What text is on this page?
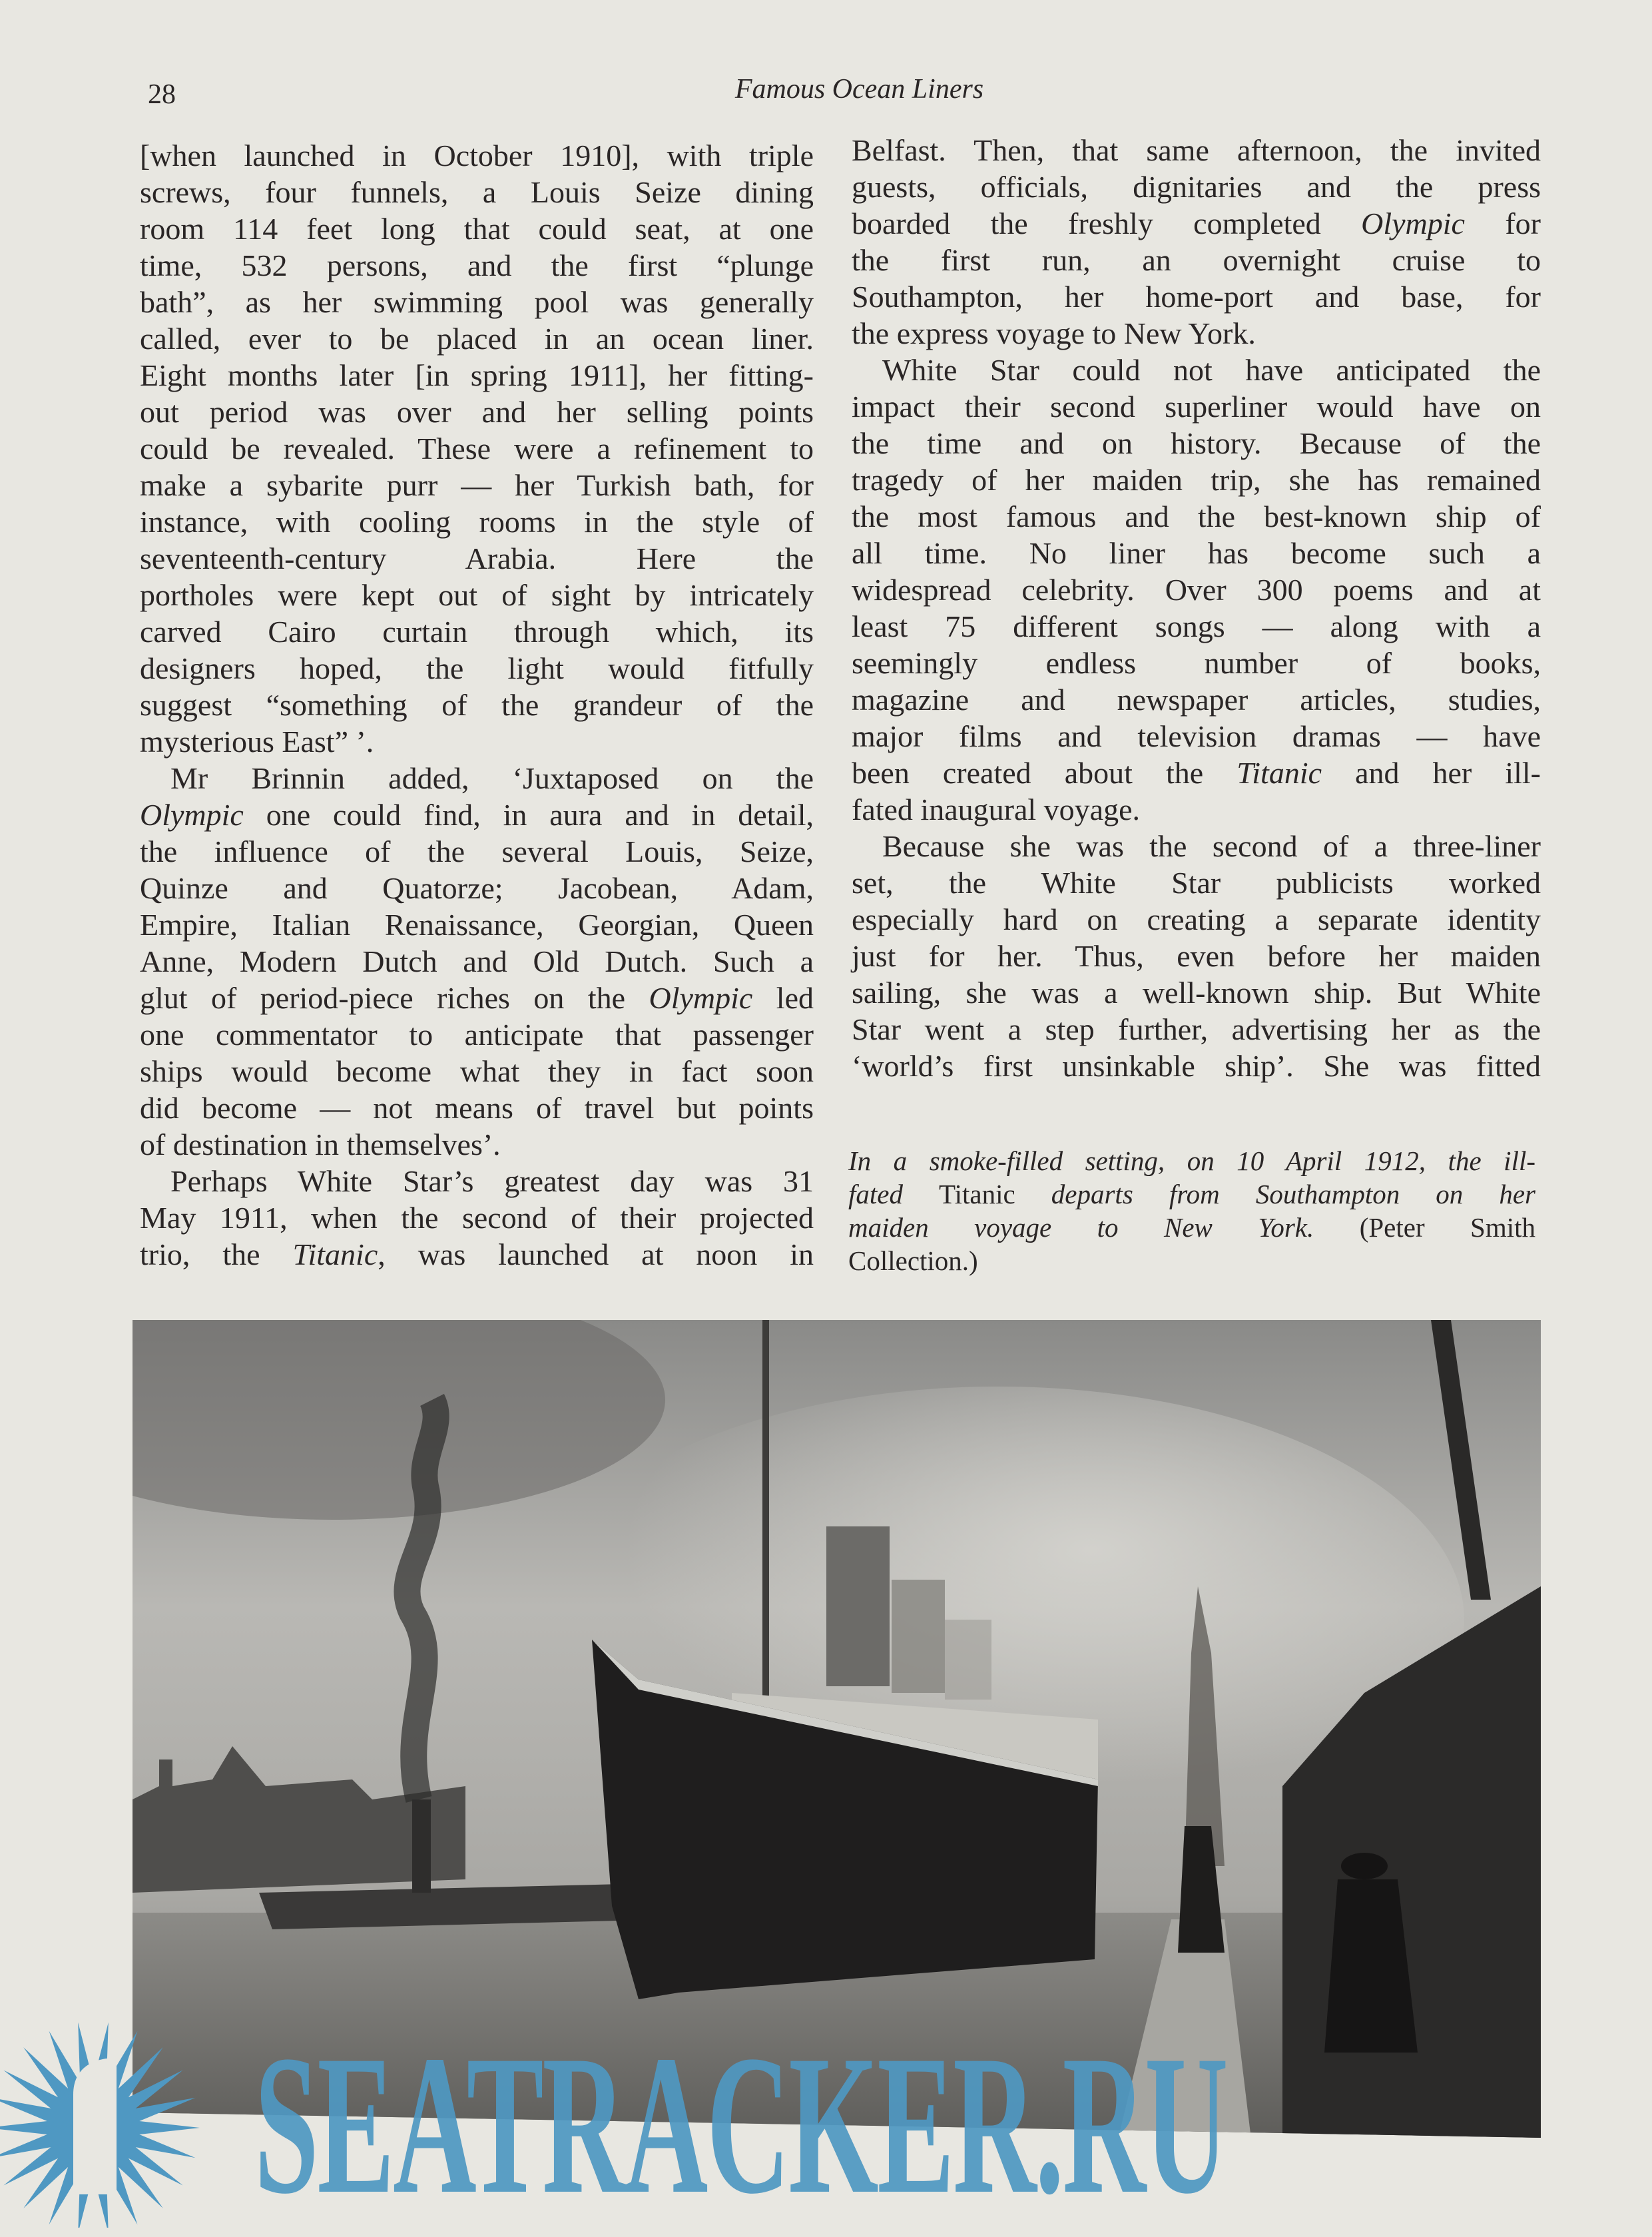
28	Famous Ocean Liners
[when launched in October 1910], with triple
screws, four funnels, a Louis Seize dining
room 114 feet long that could seat, at one
time, 532 persons, and the first “plunge
bath”, as her swimming pool was generally
called, ever to be placed in an ocean liner.
Eight months later [in spring 1911], her fitting-
out period was over and her selling points
could be revealed. These were a refinement to
make a sybarite purr — her Turkish bath, for
instance, with cooling rooms in the style of
seventeenth-century Arabia. Here the
portholes were kept out of sight by intricately
carved Cairo curtain through which, its
designers hoped, the light would fitfully
suggest “something of the grandeur of the
mysterious East” ’.
Mr Brinnin added, ‘Juxtaposed on the
Olympic one could find, in aura and in detail,
the influence of the several Louis, Seize,
Quinze and Quatorze; Jacobean, Adam,
Empire, Italian Renaissance, Georgian, Queen
Anne, Modern Dutch and Old Dutch. Such a
glut of period-piece riches on the Olympic led
one commentator to anticipate that passenger
ships would become what they in fact soon
did become — not means of travel but points
of destination in themselves’.
Perhaps White Star’s greatest day was 31
May 1911, when the second of their projected
trio, the Titanic, was launched at noon in
Belfast. Then, that same afternoon, the invited
guests, officials, dignitaries and the press
boarded the freshly completed Olympic for
the first run, an overnight cruise to
Southampton, her home-port and base, for
the express voyage to New York.
White Star could not have anticipated the
impact their second superliner would have on
the time and on history. Because of the
tragedy of her maiden trip, she has remained
the most famous and the best-known ship of
all time. No liner has become such a
widespread celebrity. Over 300 poems and at
least 75 different songs — along with a
seemingly endless number of books,
magazine and newspaper articles, studies,
major films and television dramas — have
been created about the Titanic and her ill-
fated inaugural voyage.
Because she was the second of a three-liner
set, the White Star publicists worked
especially hard on creating a separate identity
just for her. Thus, even before her maiden
sailing, she was a well-known ship. But White
Star went a step further, advertising her as the
‘world’s first unsinkable ship’. She was fitted
In a smoke-filled setting, on 10 April 1912, the ill-
fated Titanic departs from Southampton on her
maiden voyage to New York. (Peter Smith
Collection.)
SEATRACKER.RU
